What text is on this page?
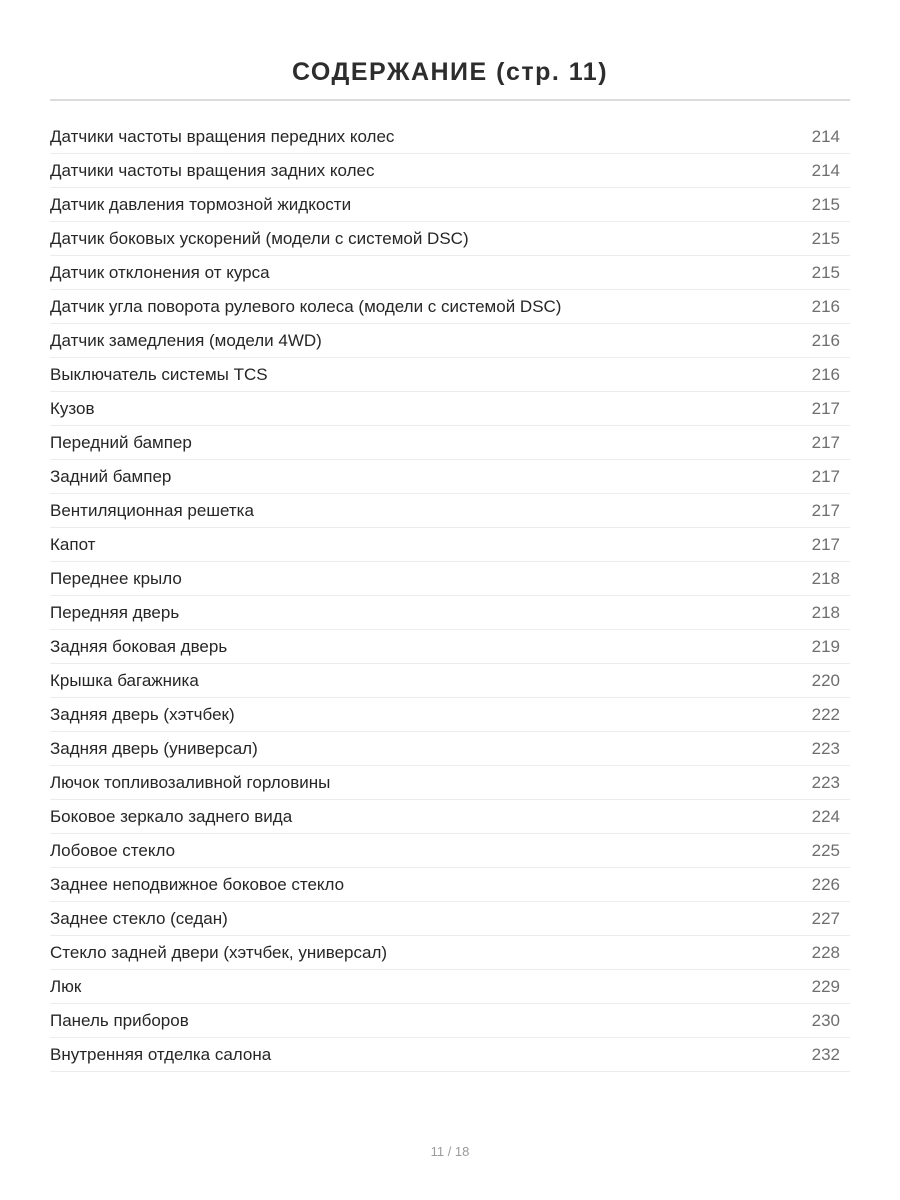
СОДЕРЖАНИЕ (стр. 11)
Датчики частоты вращения передних колес	214
Датчики частоты вращения задних колес	214
Датчик давления тормозной жидкости	215
Датчик боковых ускорений (модели с системой DSC)	215
Датчик отклонения от курса	215
Датчик угла поворота рулевого колеса (модели с системой DSC)	216
Датчик замедления (модели 4WD)	216
Выключатель системы TCS	216
Кузов	217
Передний бампер	217
Задний бампер	217
Вентиляционная решетка	217
Капот	217
Переднее крыло	218
Передняя дверь	218
Задняя боковая дверь	219
Крышка багажника	220
Задняя дверь (хэтчбек)	222
Задняя дверь (универсал)	223
Лючок топливозаливной горловины	223
Боковое зеркало заднего вида	224
Лобовое стекло	225
Заднее неподвижное боковое стекло	226
Заднее стекло (седан)	227
Стекло задней двери (хэтчбек, универсал)	228
Люк	229
Панель приборов	230
Внутренняя отделка салона	232
11 / 18
